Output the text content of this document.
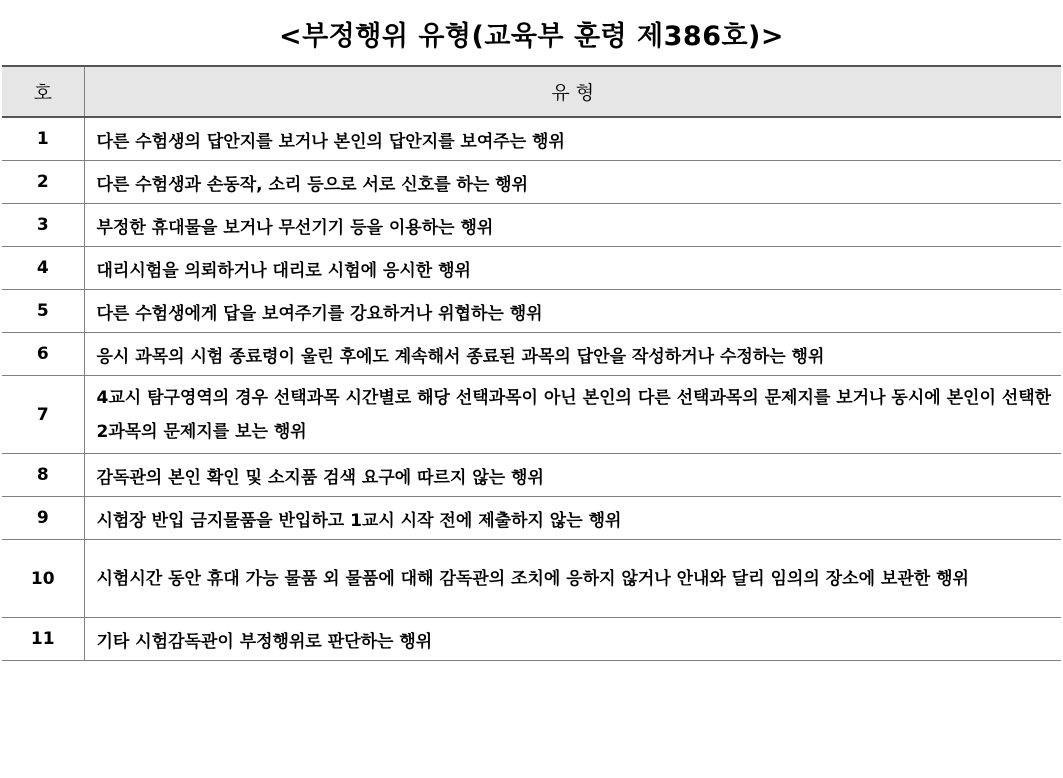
<부정행위 유형(교육부 훈령 제386호)>
호	유 형
1	다른 수험생의 답안지를 보거나 본인의 답안지를 보여주는 행위
2	다른 수험생과 손동작, 소리 등으로 서로 신호를 하는 행위
3	부정한 휴대물을 보거나 무선기기 등을 이용하는 행위
4	대리시험을 의뢰하거나 대리로 시험에 응시한 행위
5	다른 수험생에게 답을 보여주기를 강요하거나 위협하는 행위
6	응시 과목의 시험 종료령이 울린 후에도 계속해서 종료된 과목의 답안을 작성하거나 수정하는 행위
7	4교시 탐구영역의 경우 선택과목 시간별로 해당 선택과목이 아닌 본인의 다른 선택과목의 문제지를 보거나 동시에 본인이 선택한 2과목의 문제지를 보는 행위
8	감독관의 본인 확인 및 소지품 검색 요구에 따르지 않는 행위
9	시험장 반입 금지물품을 반입하고 1교시 시작 전에 제출하지 않는 행위
10	시험시간 동안 휴대 가능 물품 외 물품에 대해 감독관의 조치에 응하지 않거나 안내와 달리 임의의 장소에 보관한 행위
11	기타 시험감독관이 부정행위로 판단하는 행위
